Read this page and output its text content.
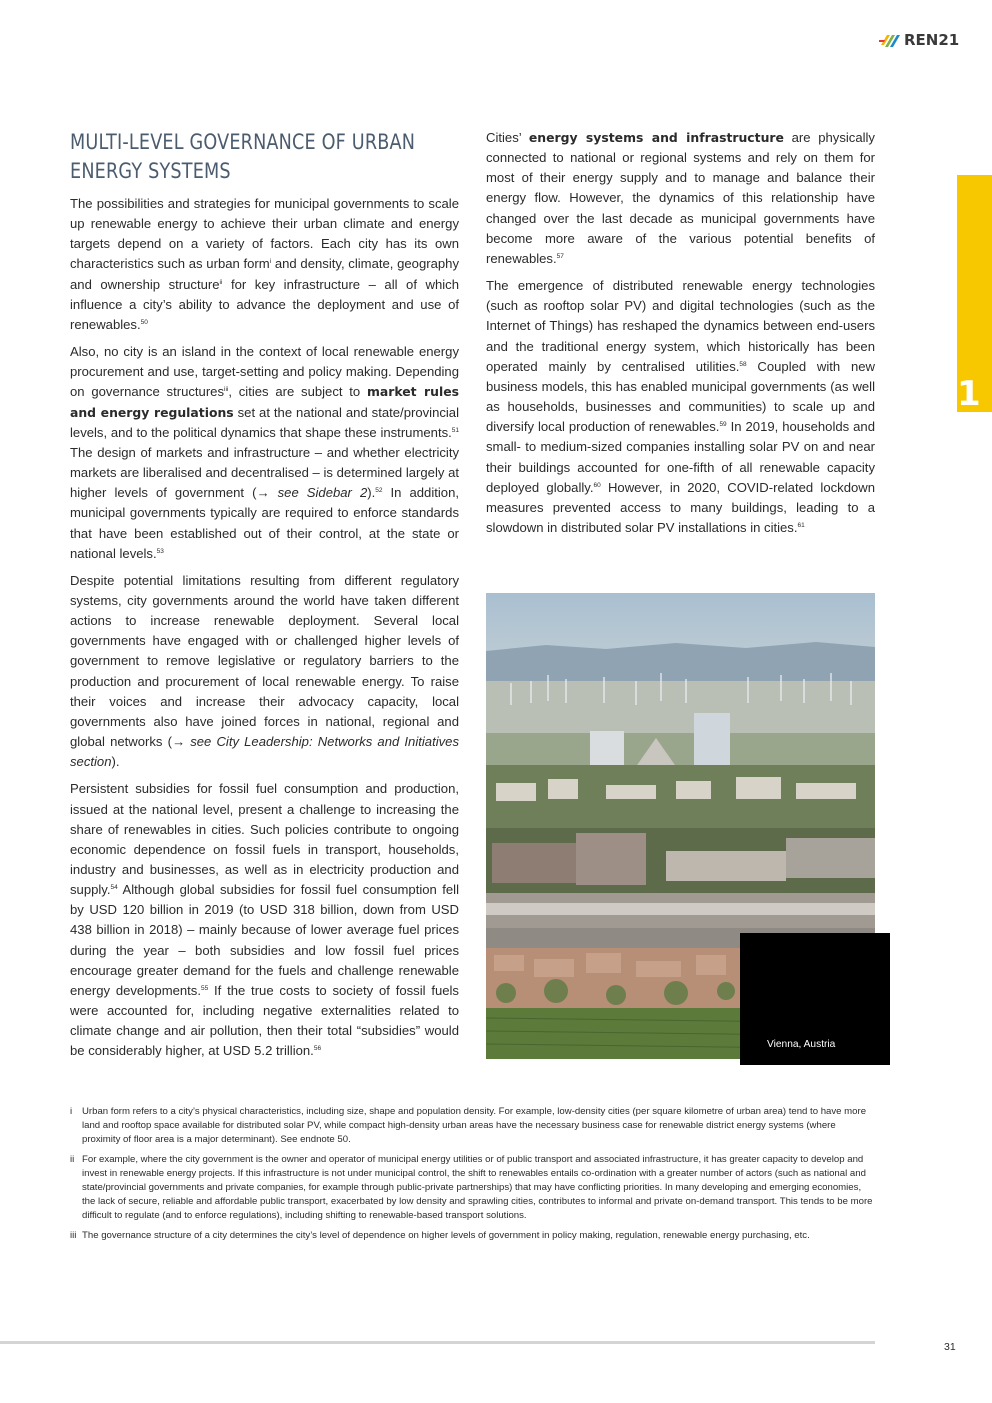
REN21
1
MULTI-LEVEL GOVERNANCE OF URBAN ENERGY SYSTEMS

The possibilities and strategies for municipal governments to scale up renewable energy to achieve their urban climate and energy targets depend on a variety of factors. Each city has its own characteristics such as urban form$^i$ and density, climate, geography and ownership structure$^{ii}$ for key infrastructure – all of which influence a city’s ability to advance the deployment and use of renewables.$^{50}$

Also, no city is an island in the context of local renewable energy procurement and use, target-setting and policy making. Depending on governance structures$^{iii}$, cities are subject to market rules and energy regulations set at the national and state/provincial levels, and to the political dynamics that shape these instruments.$^{51}$ The design of markets and infrastructure – and whether electricity markets are liberalised and decentralised – is determined largely at higher levels of government (→ see Sidebar 2).$^{52}$ In addition, municipal governments typically are required to enforce standards that have been established out of their control, at the state or national levels.$^{53}$

Despite potential limitations resulting from different regulatory systems, city governments around the world have taken different actions to increase renewable deployment. Several local governments have engaged with or challenged higher levels of government to remove legislative or regulatory barriers to the production and procurement of local renewable energy. To raise their voices and increase their advocacy capacity, local governments also have joined forces in national, regional and global networks (→ see City Leadership: Networks and Initiatives section).

Persistent subsidies for fossil fuel consumption and production, issued at the national level, present a challenge to increasing the share of renewables in cities. Such policies contribute to ongoing economic dependence on fossil fuels in transport, households, industry and businesses, as well as in electricity production and supply.$^{54}$ Although global subsidies for fossil fuel consumption fell by USD 120 billion in 2019 (to USD 318 billion, down from USD 438 billion in 2018) – mainly because of lower average fuel prices during the year – both subsidies and low fossil fuel prices encourage greater demand for the fuels and challenge renewable energy developments.$^{55}$ If the true costs to society of fossil fuels were accounted for, including negative externalities related to climate change and air pollution, then their total “subsidies” would be considerably higher, at USD 5.2 trillion.$^{56}$

Cities’ energy systems and infrastructure are physically connected to national or regional systems and rely on them for most of their energy supply and to manage and balance their energy flow. However, the dynamics of this relationship have changed over the last decade as municipal governments have become more aware of the various potential benefits of renewables.$^{57}$

The emergence of distributed renewable energy technologies (such as rooftop solar PV) and digital technologies (such as the Internet of Things) has reshaped the dynamics between end-users and the traditional energy system, which historically has been operated mainly by centralised utilities.$^{58}$ Coupled with new business models, this has enabled municipal governments (as well as households, businesses and communities) to scale up and diversify local production of renewables.$^{59}$ In 2019, households and small- to medium-sized companies installing solar PV on and near their buildings accounted for one-fifth of all renewable capacity deployed globally.$^{60}$ However, in 2020, COVID-related lockdown measures prevented access to many buildings, leading to a slowdown in distributed solar PV installations in cities.$^{61}$

Vienna, Austria
i	Urban form refers to a city’s physical characteristics, including size, shape and population density. For example, low-density cities (per square kilometre of urban area) tend to have more land and rooftop space available for distributed solar PV, while compact high-density urban areas have the necessary business case for renewable district energy systems (where proximity of floor area is a major determinant). See endnote 50.
ii For example, where the city government is the owner and operator of municipal energy utilities or of public transport and associated infrastructure, it has greater capacity to develop and invest in renewable energy projects. If this infrastructure is not under municipal control, the shift to renewables entails co-ordination with a greater number of actors (such as national and state/provincial governments and private companies, for example through public-private partnerships) that may have conflicting priorities. In many developing and emerging economies, the lack of secure, reliable and affordable public transport, exacerbated by low density and sprawling cities, contributes to informal and private on-demand transport. This tends to be more difficult to regulate (and to enforce regulations), including shifting to renewable-based transport solutions.
iii The governance structure of a city determines the city’s level of dependence on higher levels of government in policy making, regulation, renewable energy purchasing, etc.
31
